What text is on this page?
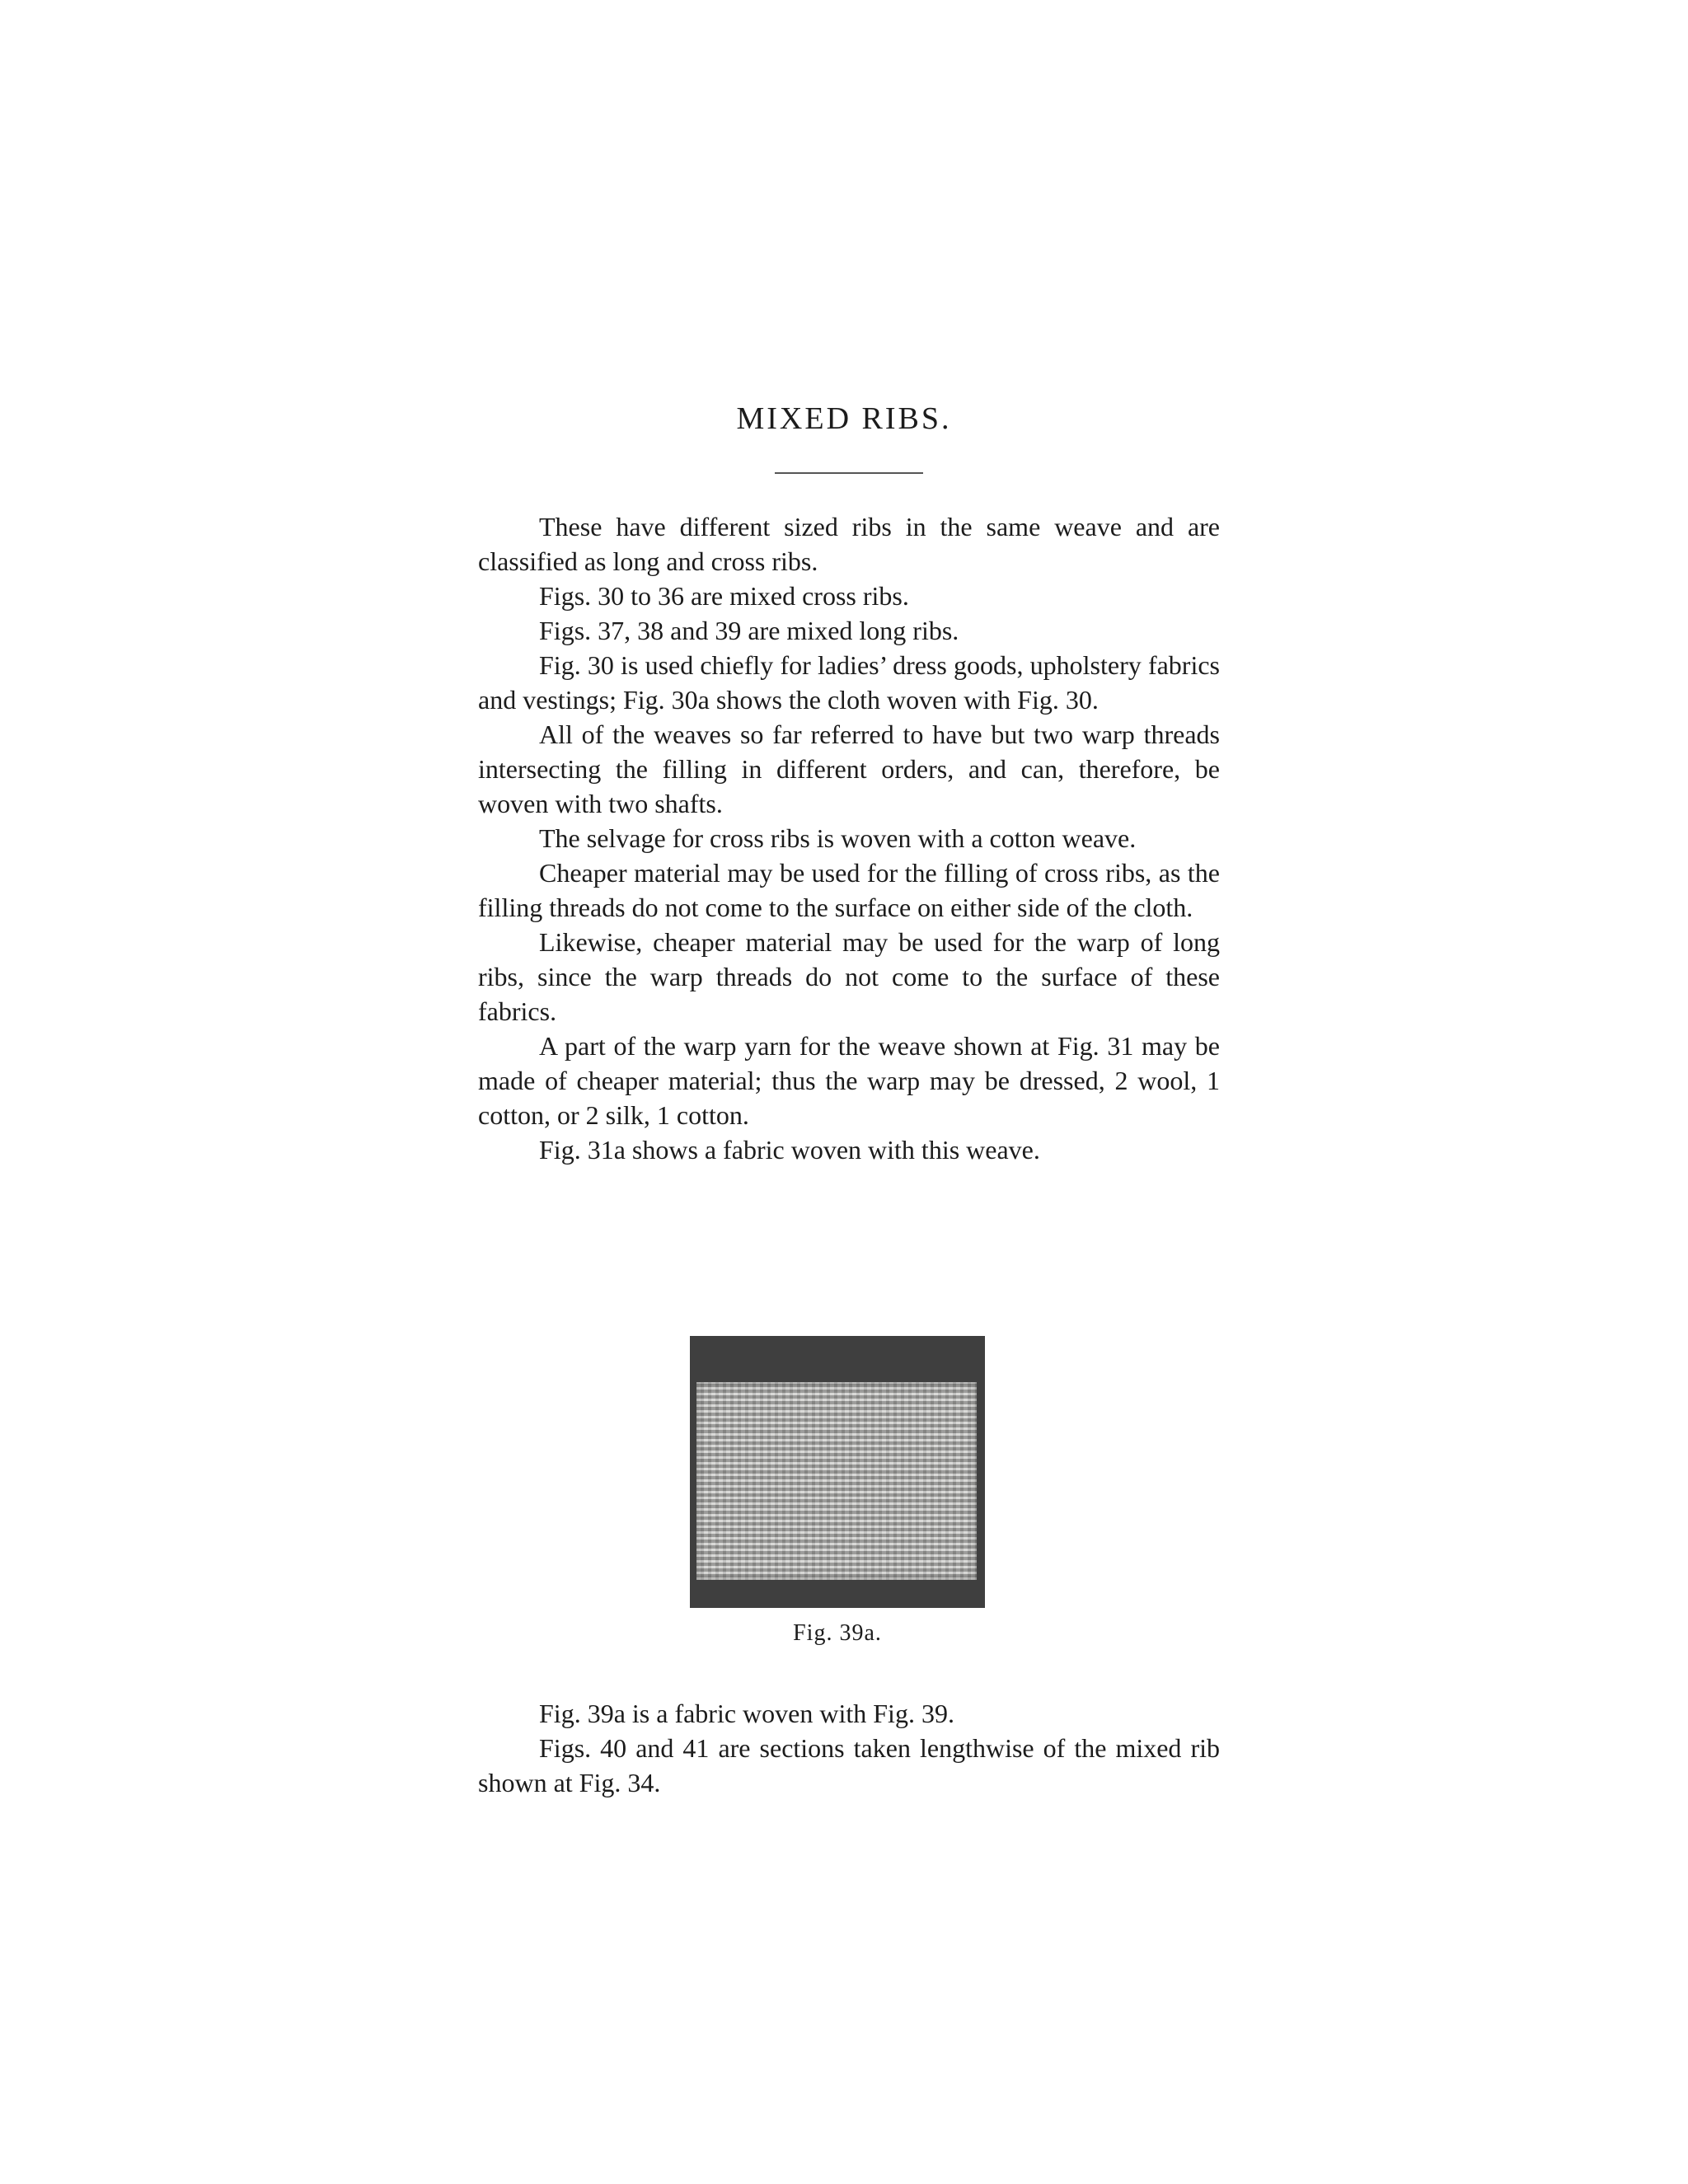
MIXED RIBS.

These have different sized ribs in the same weave and are classified as long and cross ribs.

Figs. 30 to 36 are mixed cross ribs.

Figs. 37, 38 and 39 are mixed long ribs.

Fig. 30 is used chiefly for ladies’ dress goods, upholstery fabrics and vestings; Fig. 30a shows the cloth woven with Fig. 30.

All of the weaves so far referred to have but two warp threads intersecting the filling in different orders, and can, therefore, be woven with two shafts.

The selvage for cross ribs is woven with a cotton weave.

Cheaper material may be used for the filling of cross ribs, as the filling threads do not come to the surface on either side of the cloth.

Likewise, cheaper material may be used for the warp of long ribs, since the warp threads do not come to the surface of these fabrics.

A part of the warp yarn for the weave shown at Fig. 31 may be made of cheaper material; thus the warp may be dressed, 2 wool, 1 cotton, or 2 silk, 1 cotton.

Fig. 31a shows a fabric woven with this weave.

Fig. 39a.

Fig. 39a is a fabric woven with Fig. 39.

Figs. 40 and 41 are sections taken lengthwise of the mixed rib shown at Fig. 34.
